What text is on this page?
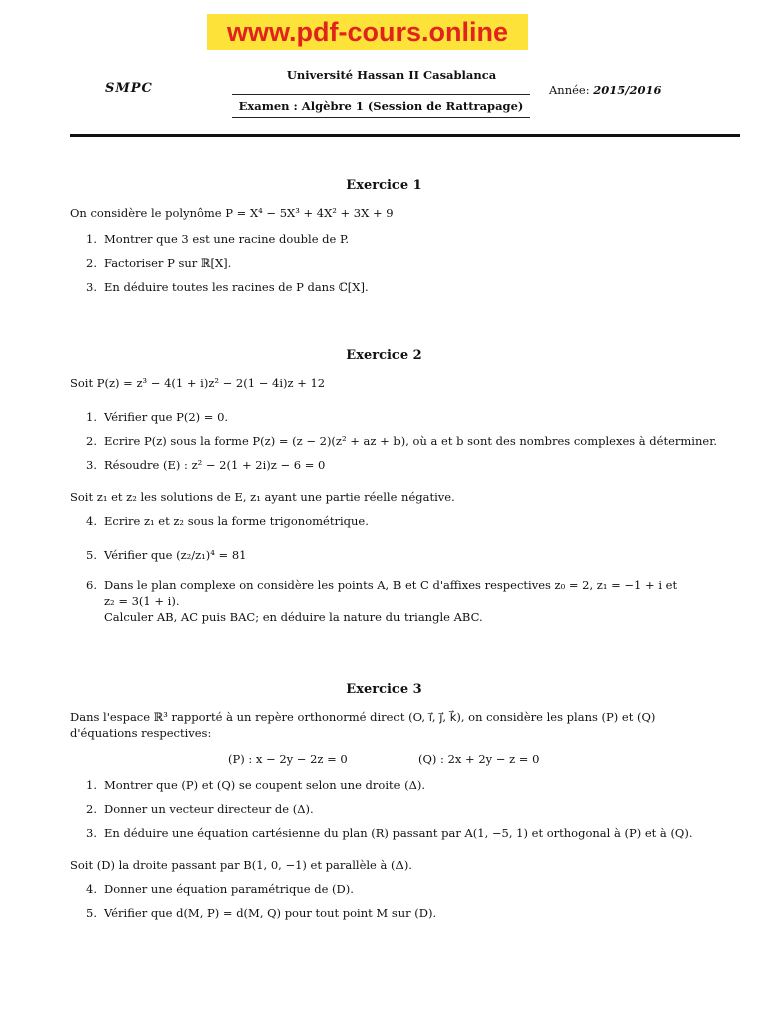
www.pdf-cours.online
SMPC
Université Hassan II Casablanca
Examen : Algèbre 1 (Session de Rattrapage)
Année: 2015/2016
Exercice 1
On considère le polynôme P = X⁴ − 5X³ + 4X² + 3X + 9
1. Montrer que 3 est une racine double de P.
2. Factoriser P sur ℝ[X].
3. En déduire toutes les racines de P dans ℂ[X].
Exercice 2
Soit P(z) = z³ − 4(1 + i)z² − 2(1 − 4i)z + 12
1. Vérifier que P(2) = 0.
2. Ecrire P(z) sous la forme P(z) = (z − 2)(z² + az + b), où a et b sont des nombres complexes à déterminer.
3. Résoudre (E) : z² − 2(1 + 2i)z − 6 = 0
Soit z₁ et z₂ les solutions de E, z₁ ayant une partie réelle négative.
4. Ecrire z₁ et z₂ sous la forme trigonométrique.
5. Vérifier que (z₂/z₁)⁴ = 81
6. Dans le plan complexe on considère les points A, B et C d'affixes respectives z₀ = 2, z₁ = −1 + i et
z₂ = 3(1 + i).
Calculer AB, AC puis BAC; en déduire la nature du triangle ABC.
Exercice 3
Dans l'espace ℝ³ rapporté à un repère orthonormé direct (O, i⃗, j⃗, k⃗), on considère les plans (P) et (Q)
d'équations respectives:
(P) : x − 2y − 2z = 0	(Q) : 2x + 2y − z = 0
1. Montrer que (P) et (Q) se coupent selon une droite (Δ).
2. Donner un vecteur directeur de (Δ).
3. En déduire une équation cartésienne du plan (R) passant par A(1, −5, 1) et orthogonal à (P) et à (Q).
Soit (D) la droite passant par B(1, 0, −1) et parallèle à (Δ).
4. Donner une équation paramétrique de (D).
5. Vérifier que d(M, P) = d(M, Q) pour tout point M sur (D).
